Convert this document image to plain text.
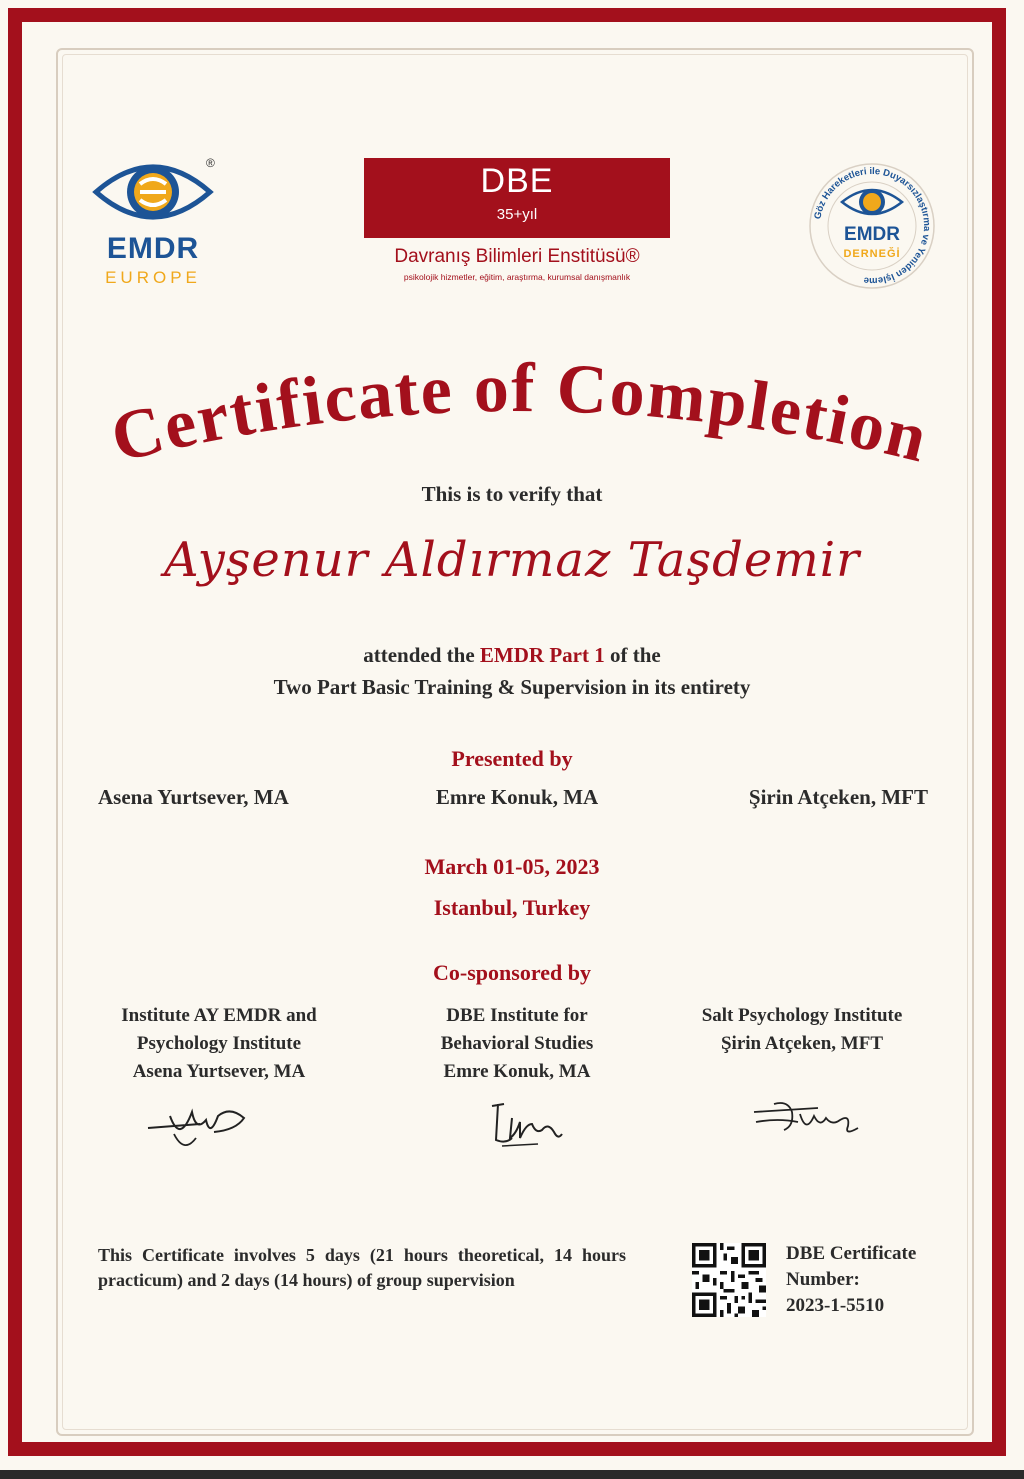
EMDR
EUROPE
®	DBE
35+yıl
Davranış Bilimleri Enstitüsü®
psikolojik hizmetler, eğitim, araştırma, kurumsal danışmanlık
Göz Hareketleri ile Duyarsızlaştırma ve Yeniden İşleme
EMDR
DERNEĞİ
Certificate of Completion
This is to verify that
Ayşenur Aldırmaz Taşdemir
attended the EMDR Part 1 of the
Two Part Basic Training & Supervision in its entirety
Presented by
Asena Yurtsever, MA	Emre Konuk, MA	Şirin Atçeken, MFT
March 01-05, 2023
Istanbul, Turkey
Co-sponsored by
Institute AY EMDR and
Psychology Institute
Asena Yurtsever, MA
DBE Institute for
Behavioral Studies
Emre Konuk, MA
Salt Psychology Institute
Şirin Atçeken, MFT
This Certificate involves 5 days (21 hours theoretical, 14 hours practicum) and 2 days (14 hours) of group supervision
DBE Certificate
Number:
2023-1-5510
